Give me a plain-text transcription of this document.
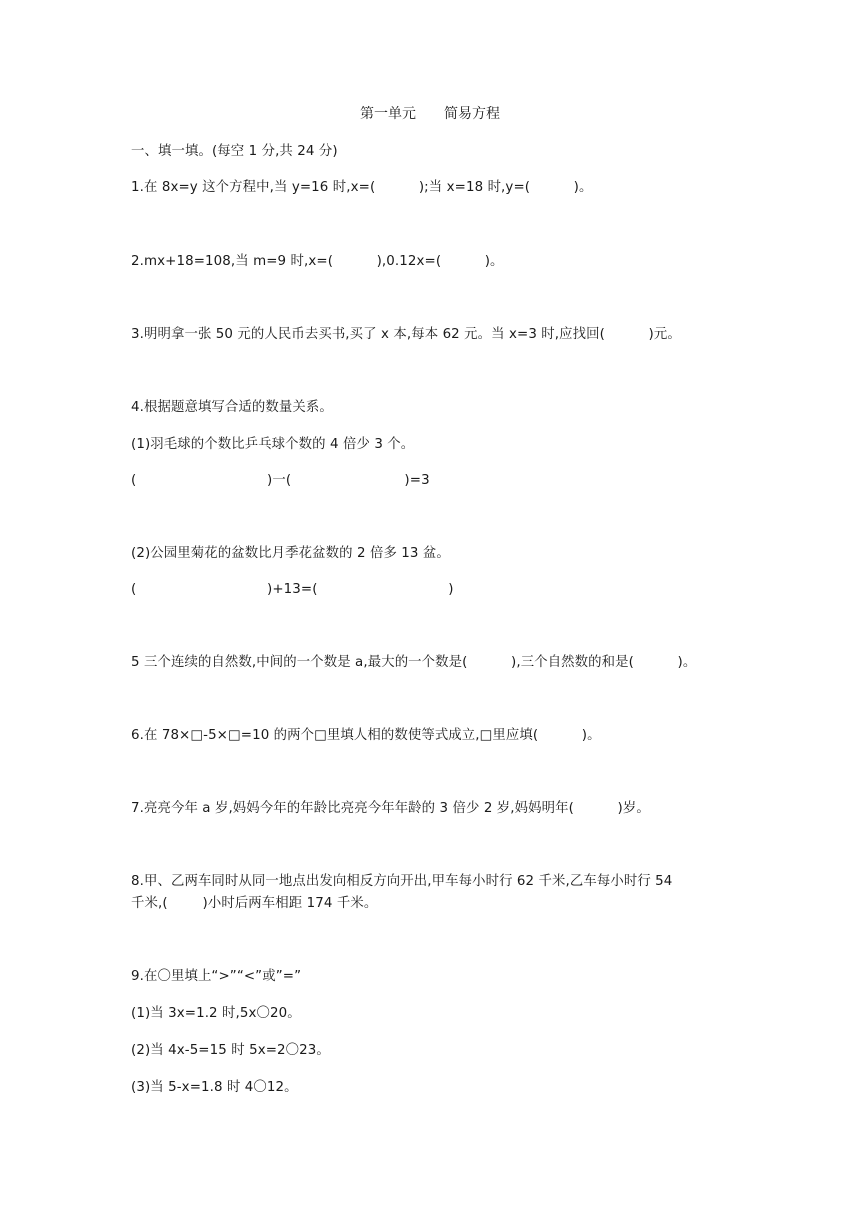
第一单元　　简易方程
一、填一填。(每空 1 分,共 24 分)
1.在 8x=y 这个方程中,当 y=16 时,x=(          );当 x=18 时,y=(          )。
2.mx+18=108,当 m=9 时,x=(          ),0.12x=(          )。
3.明明拿一张 50 元的人民币去买书,买了 x 本,每本 62 元。当 x=3 时,应找回(          )元。
4.根据题意填写合适的数量关系。
(1)羽毛球的个数比乒乓球个数的 4 倍少 3 个。
(                              )一(                          )=3
(2)公园里菊花的盆数比月季花盆数的 2 倍多 13 盆。
(                              )+13=(                              )
5 三个连续的自然数,中间的一个数是 a,最大的一个数是(          ),三个自然数的和是(          )。
6.在 78×□-5×□=10 的两个□里填人相的数使等式成立,□里应填(          )。
7.亮亮今年 a 岁,妈妈今年的年龄比亮亮今年年龄的 3 倍少 2 岁,妈妈明年(          )岁。
8.甲、乙两车同时从同一地点出发向相反方向开出,甲车每小时行 62 千米,乙车每小时行 54
千米,(        )小时后两车相距 174 千米。
9.在〇里填上“>”“<”或”=”
(1)当 3x=1.2 时,5x〇20。
(2)当 4x-5=15 时 5x=2〇23。
(3)当 5-x=1.8 时 4〇12。
